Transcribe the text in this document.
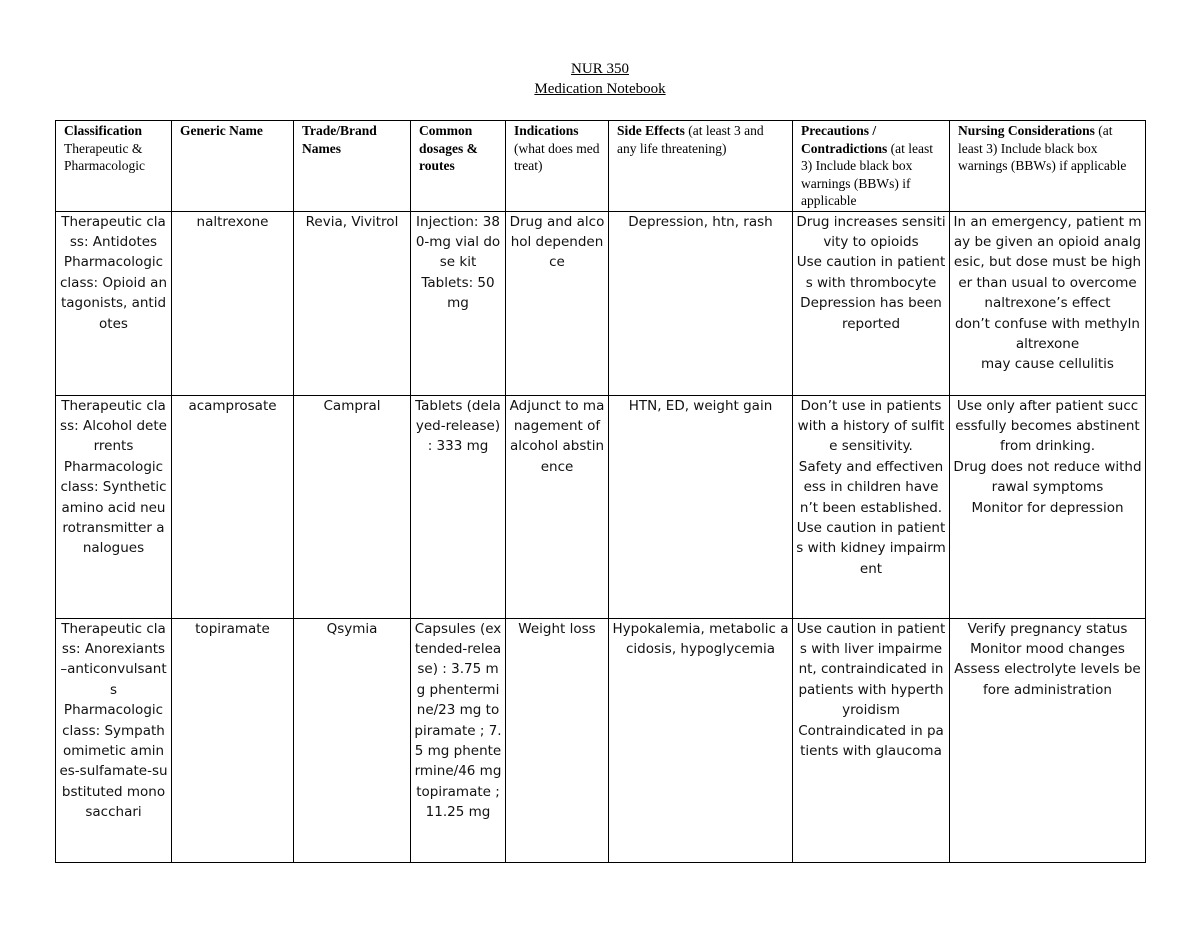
NUR 350
Medication Notebook
Classification Therapeutic & Pharmacologic	Generic Name	Trade/Brand Names	Common dosages & routes	Indications (what does med treat)	Side Effects (at least 3 and any life threatening)	Precautions / Contradictions (at least 3) Include black box warnings (BBWs) if applicable	Nursing Considerations (at least 3) Include black box warnings (BBWs) if applicable

Therapeutic class: Antidotes
Pharmacologic class: Opioid antagonists, antidotes	naltrexone	Revia, Vivitrol	Injection: 380-mg vial dose kit
Tablets: 50 mg	Drug and alcohol dependence	Depression, htn, rash	Drug increases sensitivity to opioids
Use caution in patients with thrombocyte
Depression has been reported	In an emergency, patient may be given an opioid analgesic, but dose must be higher than usual to overcome naltrexone’s effect
don’t confuse with methylnaltrexone
may cause cellulitis

Therapeutic class: Alcohol deterrents
Pharmacologic class: Synthetic amino acid neurotransmitter analogues	acamprosate	Campral	Tablets (delayed-release) : 333 mg	Adjunct to management of alcohol abstinence	HTN, ED, weight gain	Don’t use in patients with a history of sulfite sensitivity.
Safety and effectiveness in children haven’t been established.
Use caution in patients with kidney impairment	Use only after patient successfully becomes abstinent from drinking.
Drug does not reduce withdrawal symptoms
Monitor for depression

Therapeutic class: Anorexiants–anticonvulsants
Pharmacologic class: Sympathomimetic amines-sulfamate-substituted monosacchari	topiramate	Qsymia	Capsules (extended-release) : 3.75 mg phentermine/23 mg topiramate ; 7.5 mg phentermine/46 mg topiramate ; 11.25 mg	Weight loss	Hypokalemia, metabolic acidosis, hypoglycemia	Use caution in patients with liver impairment, contraindicated in patients with hyperthyroidism
Contraindicated in patients with glaucoma	Verify pregnancy status
Monitor mood changes
Assess electrolyte levels before administration
